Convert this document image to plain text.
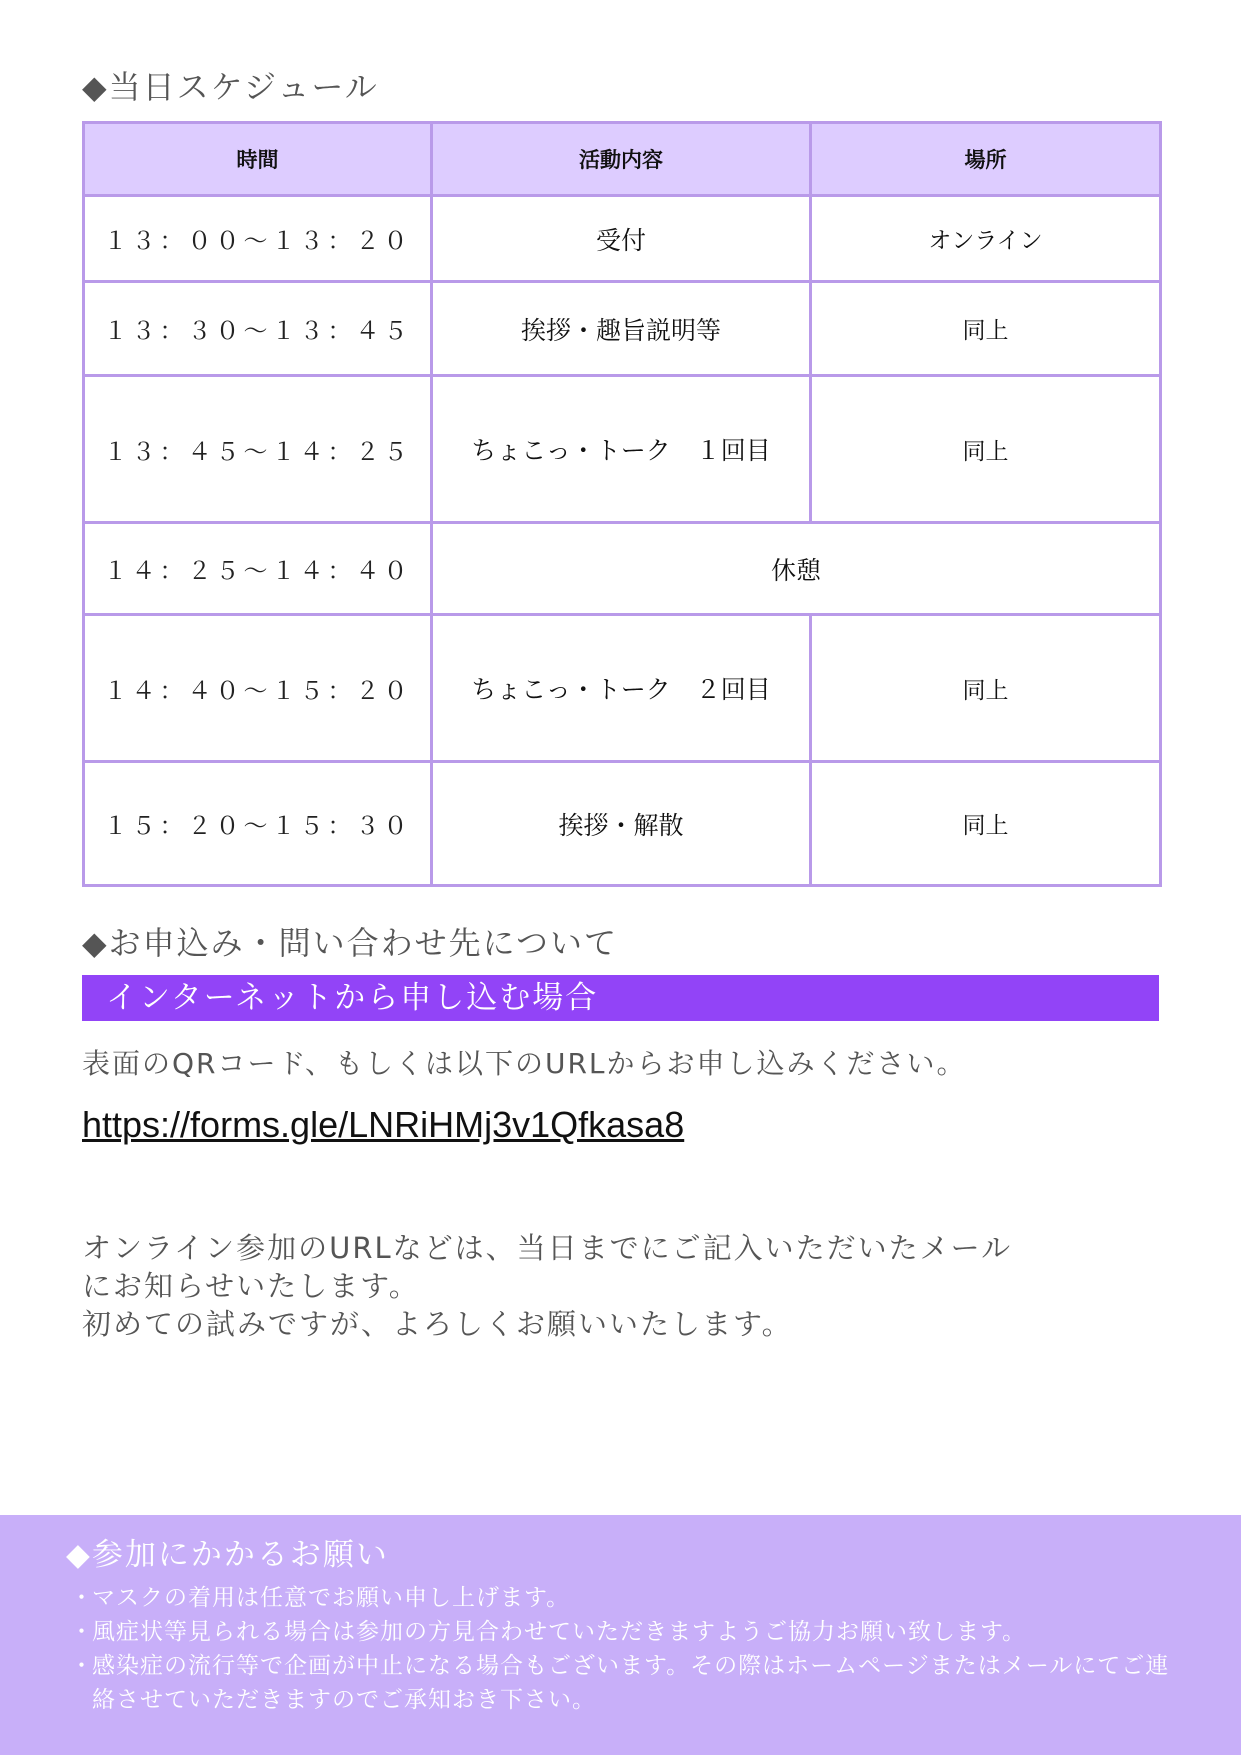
◆当日スケジュール
時間	活動内容	場所
１３：００～１３：２０	受付	オンライン
１３：３０～１３：４５	挨拶・趣旨説明等	同上
１３：４５～１４：２５	ちょこっ・トーク　１回目	同上
１４：２５～１４：４０	休憩	
１４：４０～１５：２０	ちょこっ・トーク　２回目	同上
１５：２０～１５：３０	挨拶・解散	同上
◆お申込み・問い合わせ先について
インターネットから申し込む場合

表面のQRコード、もしくは以下のURLからお申し込みください。

https://forms.gle/LNRiHMj3v1Qfkasa8
オンライン参加のURLなどは、当日までにご記入いただいたメール
にお知らせいたします。
初めての試みですが、よろしくお願いいたします。
◆参加にかかるお願い
・
マスクの着用は任意でお願い申し上げます。
・
風症状等見られる場合は参加の方見合わせていただきますようご協力お願い致します。
・
感染症の流行等で企画が中止になる場合もございます。その際はホームページまたはメールにてご連絡させていただきますのでご承知おき下さい。
